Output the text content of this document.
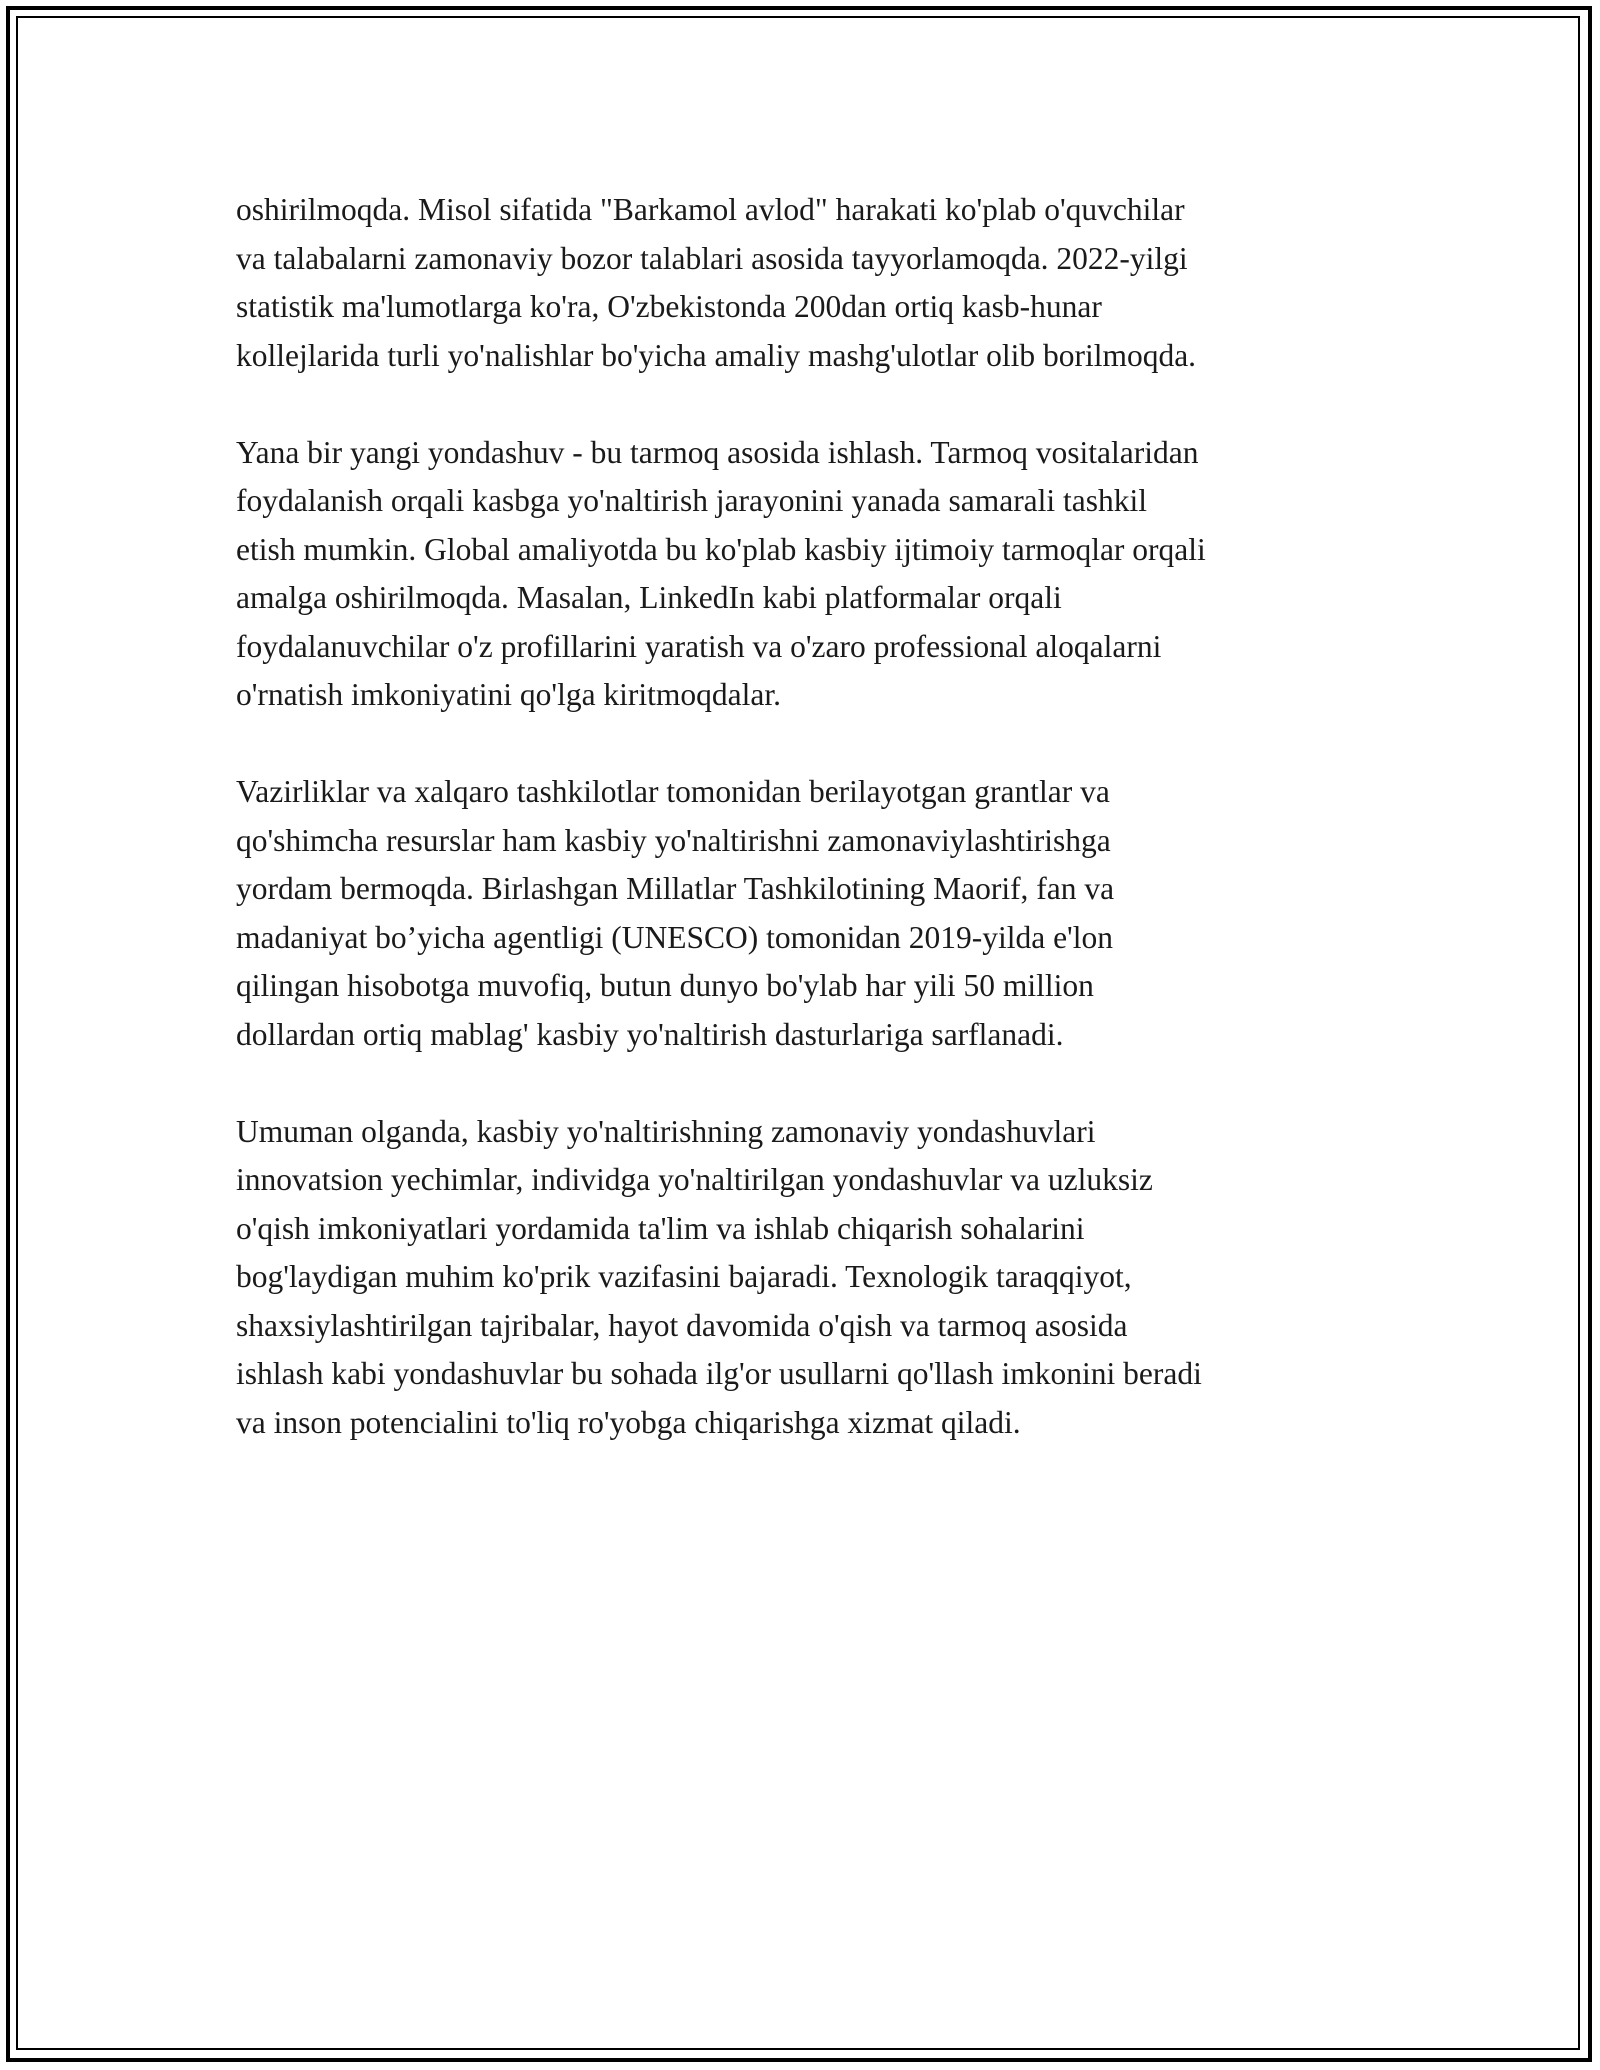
oshirilmoqda. Misol sifatida "Barkamol avlod" harakati ko'plab o'quvchilar
va talabalarni zamonaviy bozor talablari asosida tayyorlamoqda. 2022-yilgi
statistik ma'lumotlarga ko'ra, O'zbekistonda 200dan ortiq kasb-hunar
kollejlarida turli yo'nalishlar bo'yicha amaliy mashg'ulotlar olib borilmoqda.

Yana bir yangi yondashuv - bu tarmoq asosida ishlash. Tarmoq vositalaridan
foydalanish orqali kasbga yo'naltirish jarayonini yanada samarali tashkil
etish mumkin. Global amaliyotda bu ko'plab kasbiy ijtimoiy tarmoqlar orqali
amalga oshirilmoqda. Masalan, LinkedIn kabi platformalar orqali
foydalanuvchilar o'z profillarini yaratish va o'zaro professional aloqalarni
o'rnatish imkoniyatini qo'lga kiritmoqdalar.

Vazirliklar va xalqaro tashkilotlar tomonidan berilayotgan grantlar va
qo'shimcha resurslar ham kasbiy yo'naltirishni zamonaviylashtirishga
yordam bermoqda. Birlashgan Millatlar Tashkilotining Maorif, fan va
madaniyat bo’yicha agentligi (UNESCO) tomonidan 2019-yilda e'lon
qilingan hisobotga muvofiq, butun dunyo bo'ylab har yili 50 million
dollardan ortiq mablag' kasbiy yo'naltirish dasturlariga sarflanadi.

Umuman olganda, kasbiy yo'naltirishning zamonaviy yondashuvlari
innovatsion yechimlar, individga yo'naltirilgan yondashuvlar va uzluksiz
o'qish imkoniyatlari yordamida ta'lim va ishlab chiqarish sohalarini
bog'laydigan muhim ko'prik vazifasini bajaradi. Texnologik taraqqiyot,
shaxsiylashtirilgan tajribalar, hayot davomida o'qish va tarmoq asosida
ishlash kabi yondashuvlar bu sohada ilg'or usullarni qo'llash imkonini beradi
va inson potencialini to'liq ro'yobga chiqarishga xizmat qiladi.
